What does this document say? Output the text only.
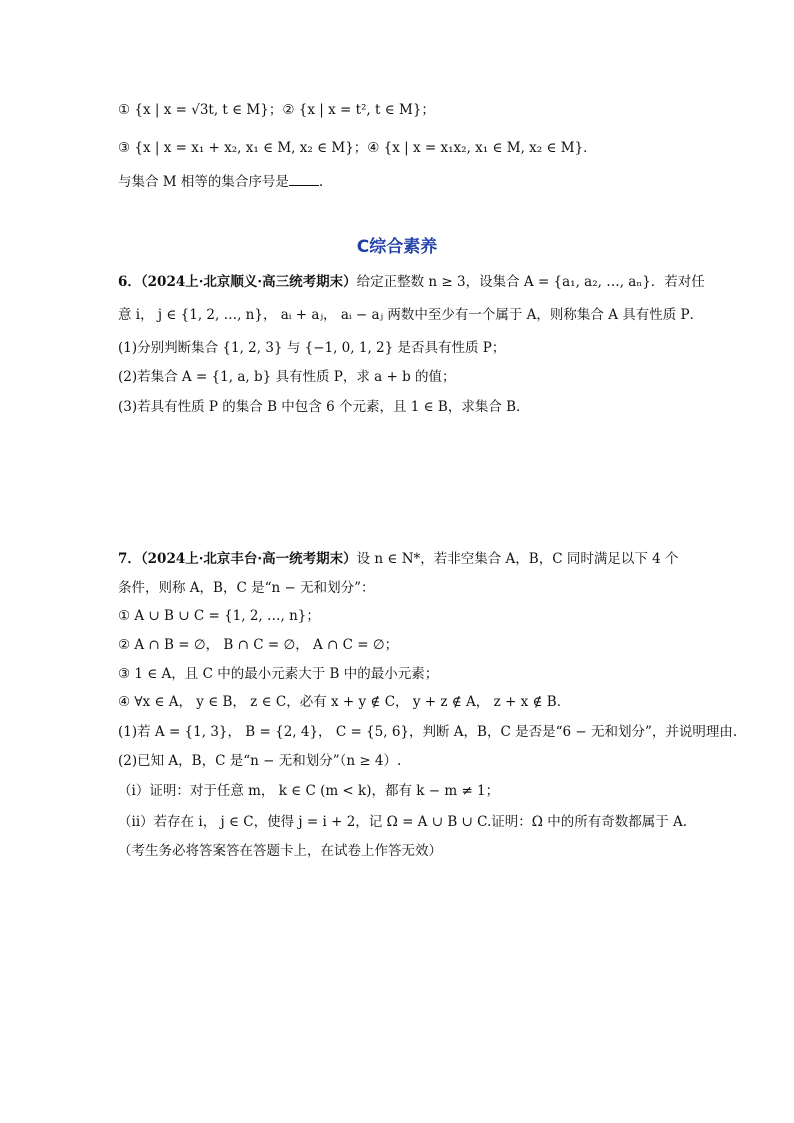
① {x | x = √3t, t ∈ M}；② {x | x = t², t ∈ M}；
③ {x | x = x₁ + x₂, x₁ ∈ M, x₂ ∈ M}；④ {x | x = x₁x₂, x₁ ∈ M, x₂ ∈ M}．
与集合 M 相等的集合序号是 .
C综合素养
6．（2024上·北京顺义·高三统考期末）给定正整数 n ≥ 3，设集合 A = {a₁, a₂, …, aₙ}．若对任
意 i， j ∈ {1, 2, …, n}， aᵢ + aⱼ， aᵢ − aⱼ 两数中至少有一个属于 A，则称集合 A 具有性质 P．
(1)分别判断集合 {1, 2, 3} 与 {−1, 0, 1, 2} 是否具有性质 P；
(2)若集合 A = {1, a, b} 具有性质 P，求 a + b 的值；
(3)若具有性质 P 的集合 B 中包含 6 个元素，且 1 ∈ B，求集合 B．
7．（2024上·北京丰台·高一统考期末）设 n ∈ N*，若非空集合 A，B，C 同时满足以下 4 个
条件，则称 A，B，C 是“n − 无和划分”：
① A ∪ B ∪ C = {1, 2, …, n}；
② A ∩ B = ∅， B ∩ C = ∅， A ∩ C = ∅；
③ 1 ∈ A，且 C 中的最小元素大于 B 中的最小元素；
④ ∀x ∈ A， y ∈ B， z ∈ C，必有 x + y ∉ C， y + z ∉ A， z + x ∉ B．
(1)若 A = {1, 3}， B = {2, 4}， C = {5, 6}，判断 A，B，C 是否是“6 − 无和划分”，并说明理由.
(2)已知 A，B，C 是“n − 无和划分”（n ≥ 4）.
（i）证明：对于任意 m， k ∈ C (m < k)，都有 k − m ≠ 1；
（ii）若存在 i， j ∈ C，使得 j = i + 2，记 Ω = A ∪ B ∪ C.证明：Ω 中的所有奇数都属于 A.
（考生务必将答案答在答题卡上，在试卷上作答无效）
